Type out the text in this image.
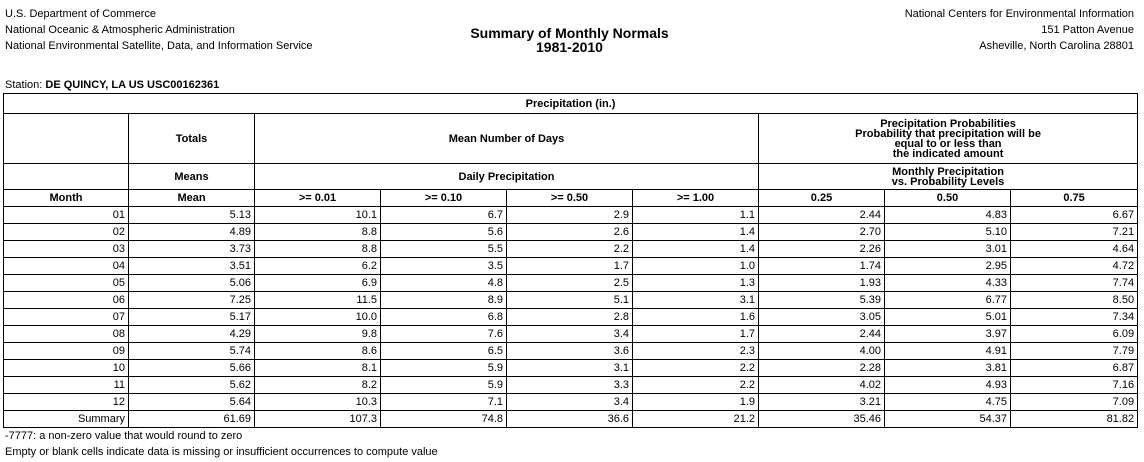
U.S. Department of Commerce
National Oceanic & Atmospheric Administration
National Environmental Satellite, Data, and Information Service
Summary of Monthly Normals
1981-2010
National Centers for Environmental Information
151 Patton Avenue
Asheville, North Carolina 28801
Station: DE QUINCY, LA US USC00162361
Precipitation (in.)								
	Totals	Mean Number of Days				Precipitation Probabilities
Probability that precipitation will be
equal to or less than
the indicated amount		

	Means	Daily Precipitation				Monthly Precipitation
vs. Probability Levels		

Month	Mean	>= 0.01	>= 0.10	>= 0.50	>= 1.00	0.25	0.50	0.75
01	5.13	10.1	6.7	2.9	1.1	2.44	4.83	6.67
02	4.89	8.8	5.6	2.6	1.4	2.70	5.10	7.21
03	3.73	8.8	5.5	2.2	1.4	2.26	3.01	4.64
04	3.51	6.2	3.5	1.7	1.0	1.74	2.95	4.72
05	5.06	6.9	4.8	2.5	1.3	1.93	4.33	7.74
06	7.25	11.5	8.9	5.1	3.1	5.39	6.77	8.50
07	5.17	10.0	6.8	2.8	1.6	3.05	5.01	7.34
08	4.29	9.8	7.6	3.4	1.7	2.44	3.97	6.09
09	5.74	8.6	6.5	3.6	2.3	4.00	4.91	7.79
10	5.66	8.1	5.9	3.1	2.2	2.28	3.81	6.87
11	5.62	8.2	5.9	3.3	2.2	4.02	4.93	7.16
12	5.64	10.3	7.1	3.4	1.9	3.21	4.75	7.09
Summary	61.69	107.3	74.8	36.6	21.2	35.46	54.37	81.82
-7777: a non-zero value that would round to zero
Empty or blank cells indicate data is missing or insufficient occurrences to compute value
